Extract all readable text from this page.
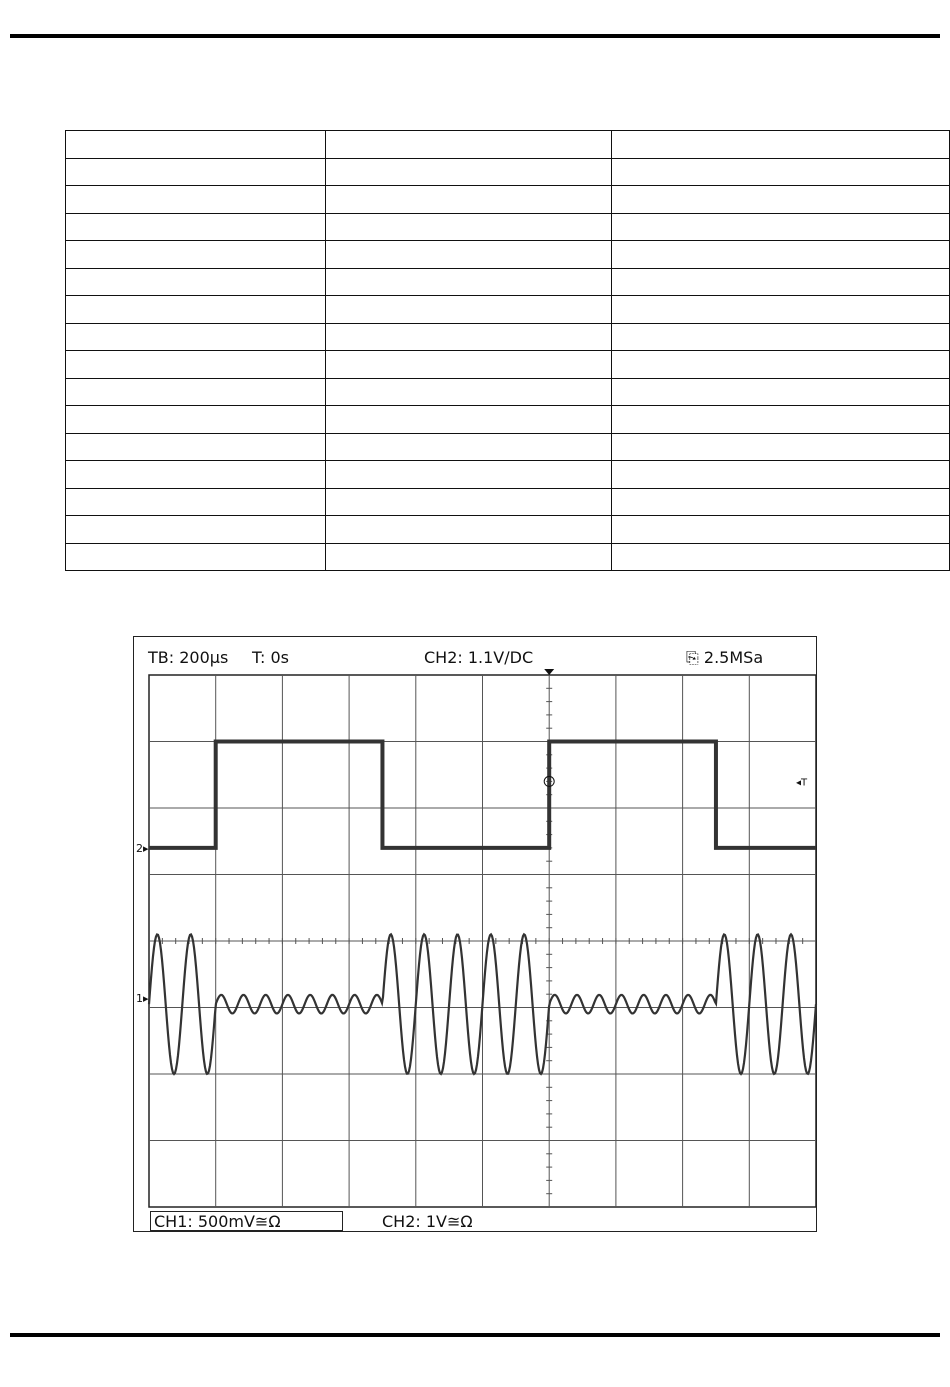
TB: 200µs T: 0s	CH2: 1.1V∕DC	⎘ 2.5MSa
2▸
1▸
◂T
CH1: 500mV≅Ω	CH2: 1V≅Ω
